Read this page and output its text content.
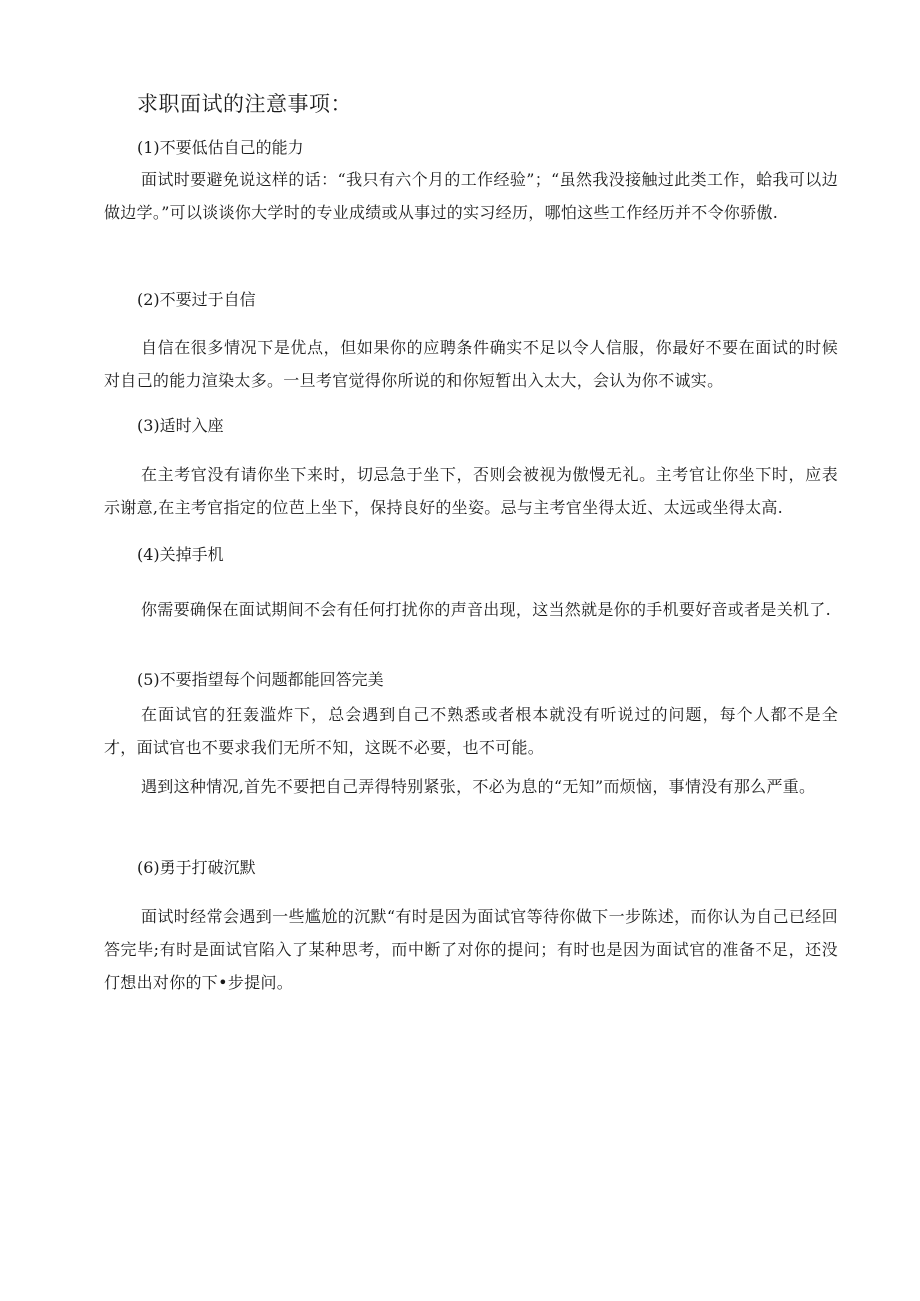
求职面试的注意事项：
(1)不要低估自己的能力

面试时要避免说这样的话：“我只有六个月的工作经验”；“虽然我没接触过此类工作，蛤我可以边做边学。”可以谈谈你大学时的专业成绩或从事过的实习经历，哪怕这些工作经历并不令你骄傲.

(2)不要过于自信

自信在很多情况下是优点，但如果你的应聘条件确实不足以令人信服，你最好不要在面试的时候对自己的能力渲染太多。一旦考官觉得你所说的和你短暂出入太大，会认为你不诚实。

(3)适时入座

在主考官没有请你坐下来时，切忌急于坐下，否则会被视为傲慢无礼。主考官让你坐下时，应表示谢意,在主考官指定的位芭上坐下，保持良好的坐姿。忌与主考官坐得太近、太远或坐得太高.

(4)关掉手机

你需要确保在面试期间不会有任何打扰你的声音出现，这当然就是你的手机要好音或者是关机了.

(5)不要指望每个问题都能回答完美

在面试官的狂轰滥炸下，总会遇到自己不熟悉或者根本就没有听说过的问题，每个人都不是全才，面试官也不要求我们无所不知，这既不必要，也不可能。

遇到这种情况,首先不要把自己弄得特别紧张，不必为息的“无知”而烦恼，事情没有那么严重。

(6)勇于打破沉默

面试时经常会遇到一些尴尬的沉默“有时是因为面试官等待你做下一步陈述，而你认为自己已经回答完毕;有时是面试官陷入了某种思考，而中断了对你的提问；有时也是因为面试官的准备不足，还没仃想出对你的下•步提问。
